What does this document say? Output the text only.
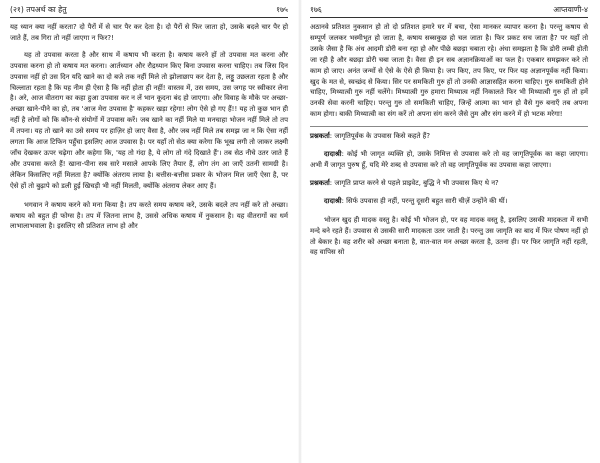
(२१) तपअर्थ का हेतु	१७५

यह ध्यान क्या नहीं करता? दो पैरों में से चार पैर कर देता है। दो पैरों से फिर जाता हो, उसके बदले चार पैर हो जाते हैं, तब गिरा तो नहीं जाएगा न फिर?!

यह तो उपवास करता है और साथ में कषाय भी करता है। कषाय करने हों तो उपवास मत करना और उपवास करना हो तो कषाय मत करना। आर्तध्यान और रौद्रध्यान किए बिना उपवास करना चाहिए। तब जिस दिन उपवास नहीं हो उस दिन यदि खाने का दो बजे तक नहीं मिले तो झोलाछाप कर देता है, लड्डू उछलता रहता है और चिल्लाता रहता है कि यह नीम ही ऐसा है कि नहीं होता ही नहीं! वास्तव में, उस समय, उस जगह पर स्वीकार लेना है। अरे, आज वीतराग का कहा हुआ उपवास कर न लें भान कूदना बंद हो जाएगा। और विवाह के मौके पर अच्छा-अच्छा खाने-पीने का हो, तब 'आज मेरा उपवास है' कहकर खड़ा रहेगा! लोग ऐसे हो गए हैं!! यह तो कुछ भान ही नहीं है लोगों को कि कौन-से संयोगों में उपवास करें। जब खाने का नहीं मिले या मनचाहा भोजन नहीं मिले तो तप में तपना। यह तो खाने का उसे समय पर हाज़िर हो जाए वैसा है, और जब नहीं मिले तब समझ जा न कि ऐसा नहीं लगता कि आज टिफिन पहुँचा इसलिए आज उपवास है। पर यहाँ तो सेठ क्या करेगा कि भूख लगी तो जाकर लक्ष्मी जाँच देखकर ऊपर चढ़ेगा और कहेगा कि, 'यह तो गंदा है, ये लोग तो गंदे दिखाते हैं'। तब सेठ नीचे उतर जाते हैं और उपवास करते हैं! खाना-पीना सब सारे मसाले आपके लिए तैयार हैं, लोग तंग आ जाएँ उतनी सामग्री है। लेकिन किसलिए नहीं मिलता है? क्योंकि अंतराय लाया है। बत्तीस-बत्तीस प्रकार के भोजन मिल जाएँ ऐसा है, पर ऐसे हों तो बुढ़ापे को डली हुई खिचड़ी भी नहीं मिलती, क्योंकि अंतराय लेकर आए हैं।

भगवान ने कषाय करने को मना किया है। तप करते समय कषाय करे, उसके बदले तप नहीं करे तो अच्छा। कषाय को बहुत ही फोग्स है। तप में जितना लाभ है, उससे अधिक कषाय में नुकसान है। यह वीतरागों का धर्म लाभालाभवाला है। इसलिए सौ प्रतिशत लाभ हो और

१७६	आप्तवाणी-४

अठानवे प्रतिशत नुकसान हो तो दो प्रतिशत हमारे घर में बचा, ऐसा मानकर व्यापार करना है। परन्तु कषाय से सम्पूर्ण जलकर भस्मीभूत हो जाता है, कषाय सब्सकुछ हो चल जाता है। फिर प्रकट सच जाता है? पर यहाँ तो उसके जैसा है कि अंध आदमी डोरी बना रहा हो और पीछे बछड़ा चबाता रहे। अंधा समझता है कि डोरी लम्बी होती जा रही है और बछड़ा डोरी चबा जाता है। वैसा ही इन सब अज्ञानक्रियाओं का फल है। एकबार समझकर करे तो काम हो जाए। अनंत जन्मों से ऐसे के ऐसे ही किया है। जप किए, तप किए, पर फिर यह अज्ञानपूर्वक नहीं किया। खुद के मत से, स्वच्छंद से किया। सिर पर समकिती गुरु हों तो उनकी आज्ञासहित करना चाहिए। गुरु समकिती होने चाहिए, मिथ्यात्वी गुरु नहीं चलेंगे। मिथ्यात्वी गुरु हमारा मिथ्यात्व नहीं निकालते फिर भी मिथ्यात्वी गुरु हों तो हमें उनकी सेवा करनी चाहिए। परन्तु गुरु तो समकिती चाहिए, जिन्हें आत्मा का भान हो वैसे गुरु बनाएँ तब अपना काम होगा। बाकी मिथ्यात्वी का संग करें तो अपना संग करने जैसे तुम और संग करने में हो भटक मरेगा!

प्रश्नकर्ता: जागृतिपूर्वक के उपवास किसे कहते हैं?

दादाश्री: कोई भी जागृत व्यक्ति हो, उसके निमित्त से उपवास करे तो वह जागृतिपूर्वक का कहा जाएगा। अभी मैं जागृत पुरुष हूँ, यदि मेरे शब्द से उपवास करे तो वह जागृतिपूर्वक का उपवास कहा जाएगा।

प्रश्नकर्ता: जागृति प्राप्त करने से पहले प्राइवेट, बुद्धि ने भी उपवास किए थे न?

दादाश्री: सिर्फ उपवास ही नहीं, परन्तु दूसरी बहुत सारी चीज़ें उन्होंने की थीं।

भोजन खुद ही मादक वस्तु है। कोई भी भोजन हो, पर वह मादक वस्तु है, इसलिए उसकी मादकता में सभी मन्दे बने रहते हैं। उपवास से उसकी सारी मादकता उतर जाती है। परन्तु उस जागृति का बाद में फिर पोषण नहीं हो तो बेकार है। वह शरीर को अच्छा बनाता है, वात-वात मन अच्छा करता है, उतना ही। पर फिर जागृति नहीं रहती, वह वापिस सो
